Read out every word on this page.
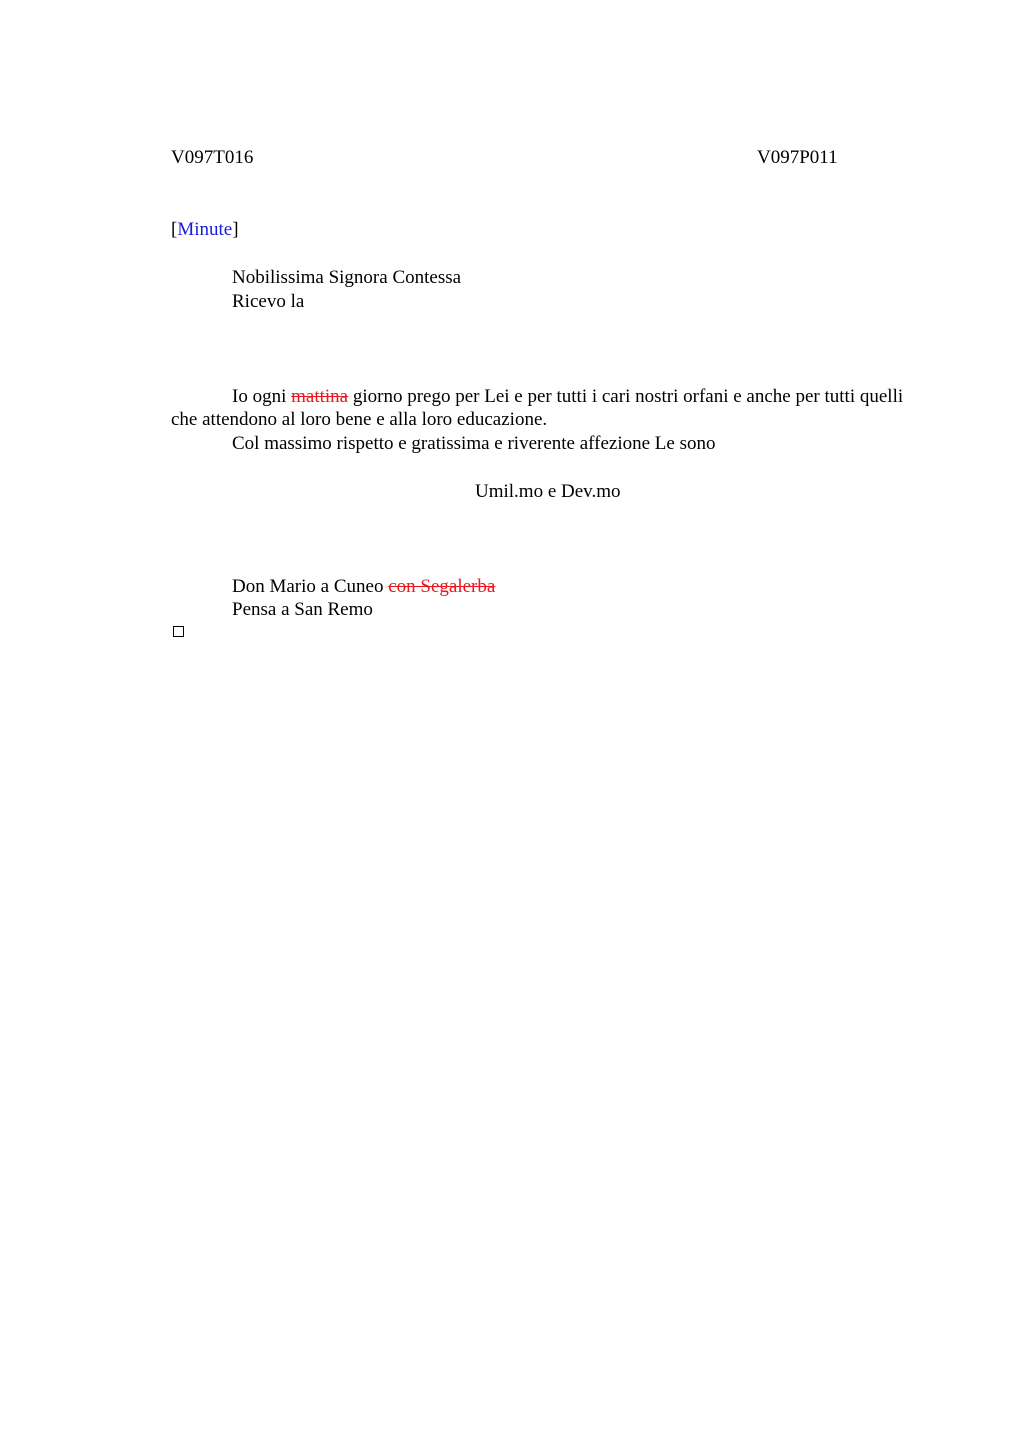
V097T016	V097P011
[Minute]
Nobilissima Signora Contessa
Ricevo la
Io ogni mattina giorno prego per Lei e per tutti i cari nostri orfani e anche per tutti quelli che attendono al loro bene e alla loro educazione.
Col massimo rispetto e gratissima e riverente affezione Le sono
Umil.mo e Dev.mo
Don Mario a Cuneo con Segalerba
Pensa a San Remo
